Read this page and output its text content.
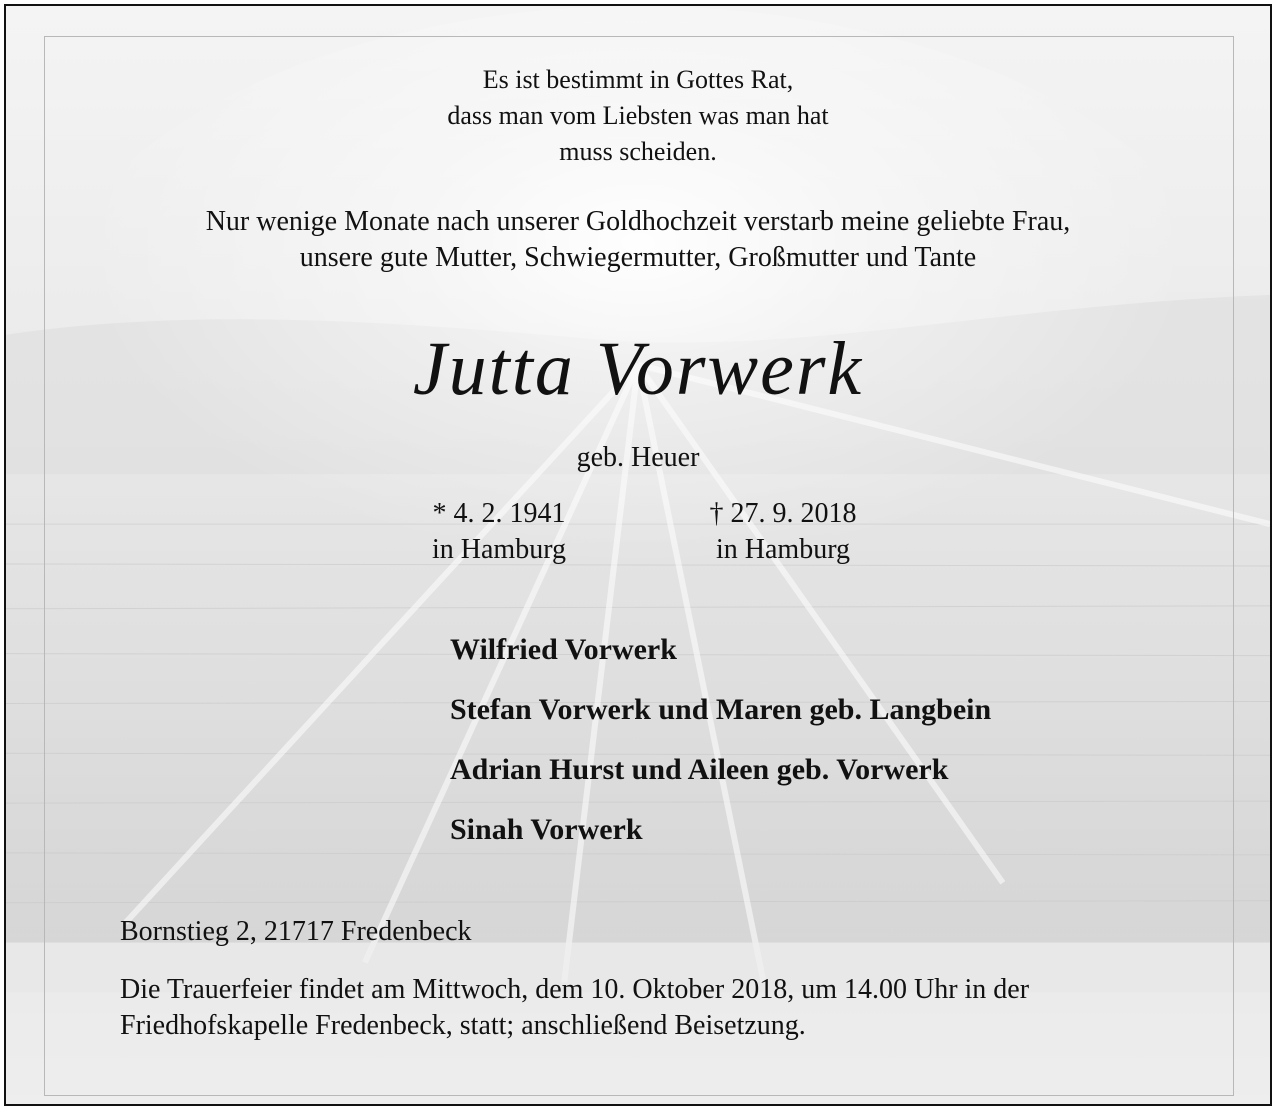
Es ist bestimmt in Gottes Rat,
dass man vom Liebsten was man hat
muss scheiden.
Nur wenige Monate nach unserer Goldhochzeit verstarb meine geliebte Frau,
unsere gute Mutter, Schwiegermutter, Großmutter und Tante
Jutta Vorwerk
geb. Heuer
* 4. 2. 1941
in Hamburg
† 27. 9. 2018
in Hamburg
Wilfried Vorwerk
Stefan Vorwerk und Maren geb. Langbein
Adrian Hurst und Aileen geb. Vorwerk
Sinah Vorwerk
Bornstieg 2, 21717 Fredenbeck
Die Trauerfeier findet am Mittwoch, dem 10. Oktober 2018, um 14.00 Uhr in der
Friedhofskapelle Fredenbeck, statt; anschließend Beisetzung.
